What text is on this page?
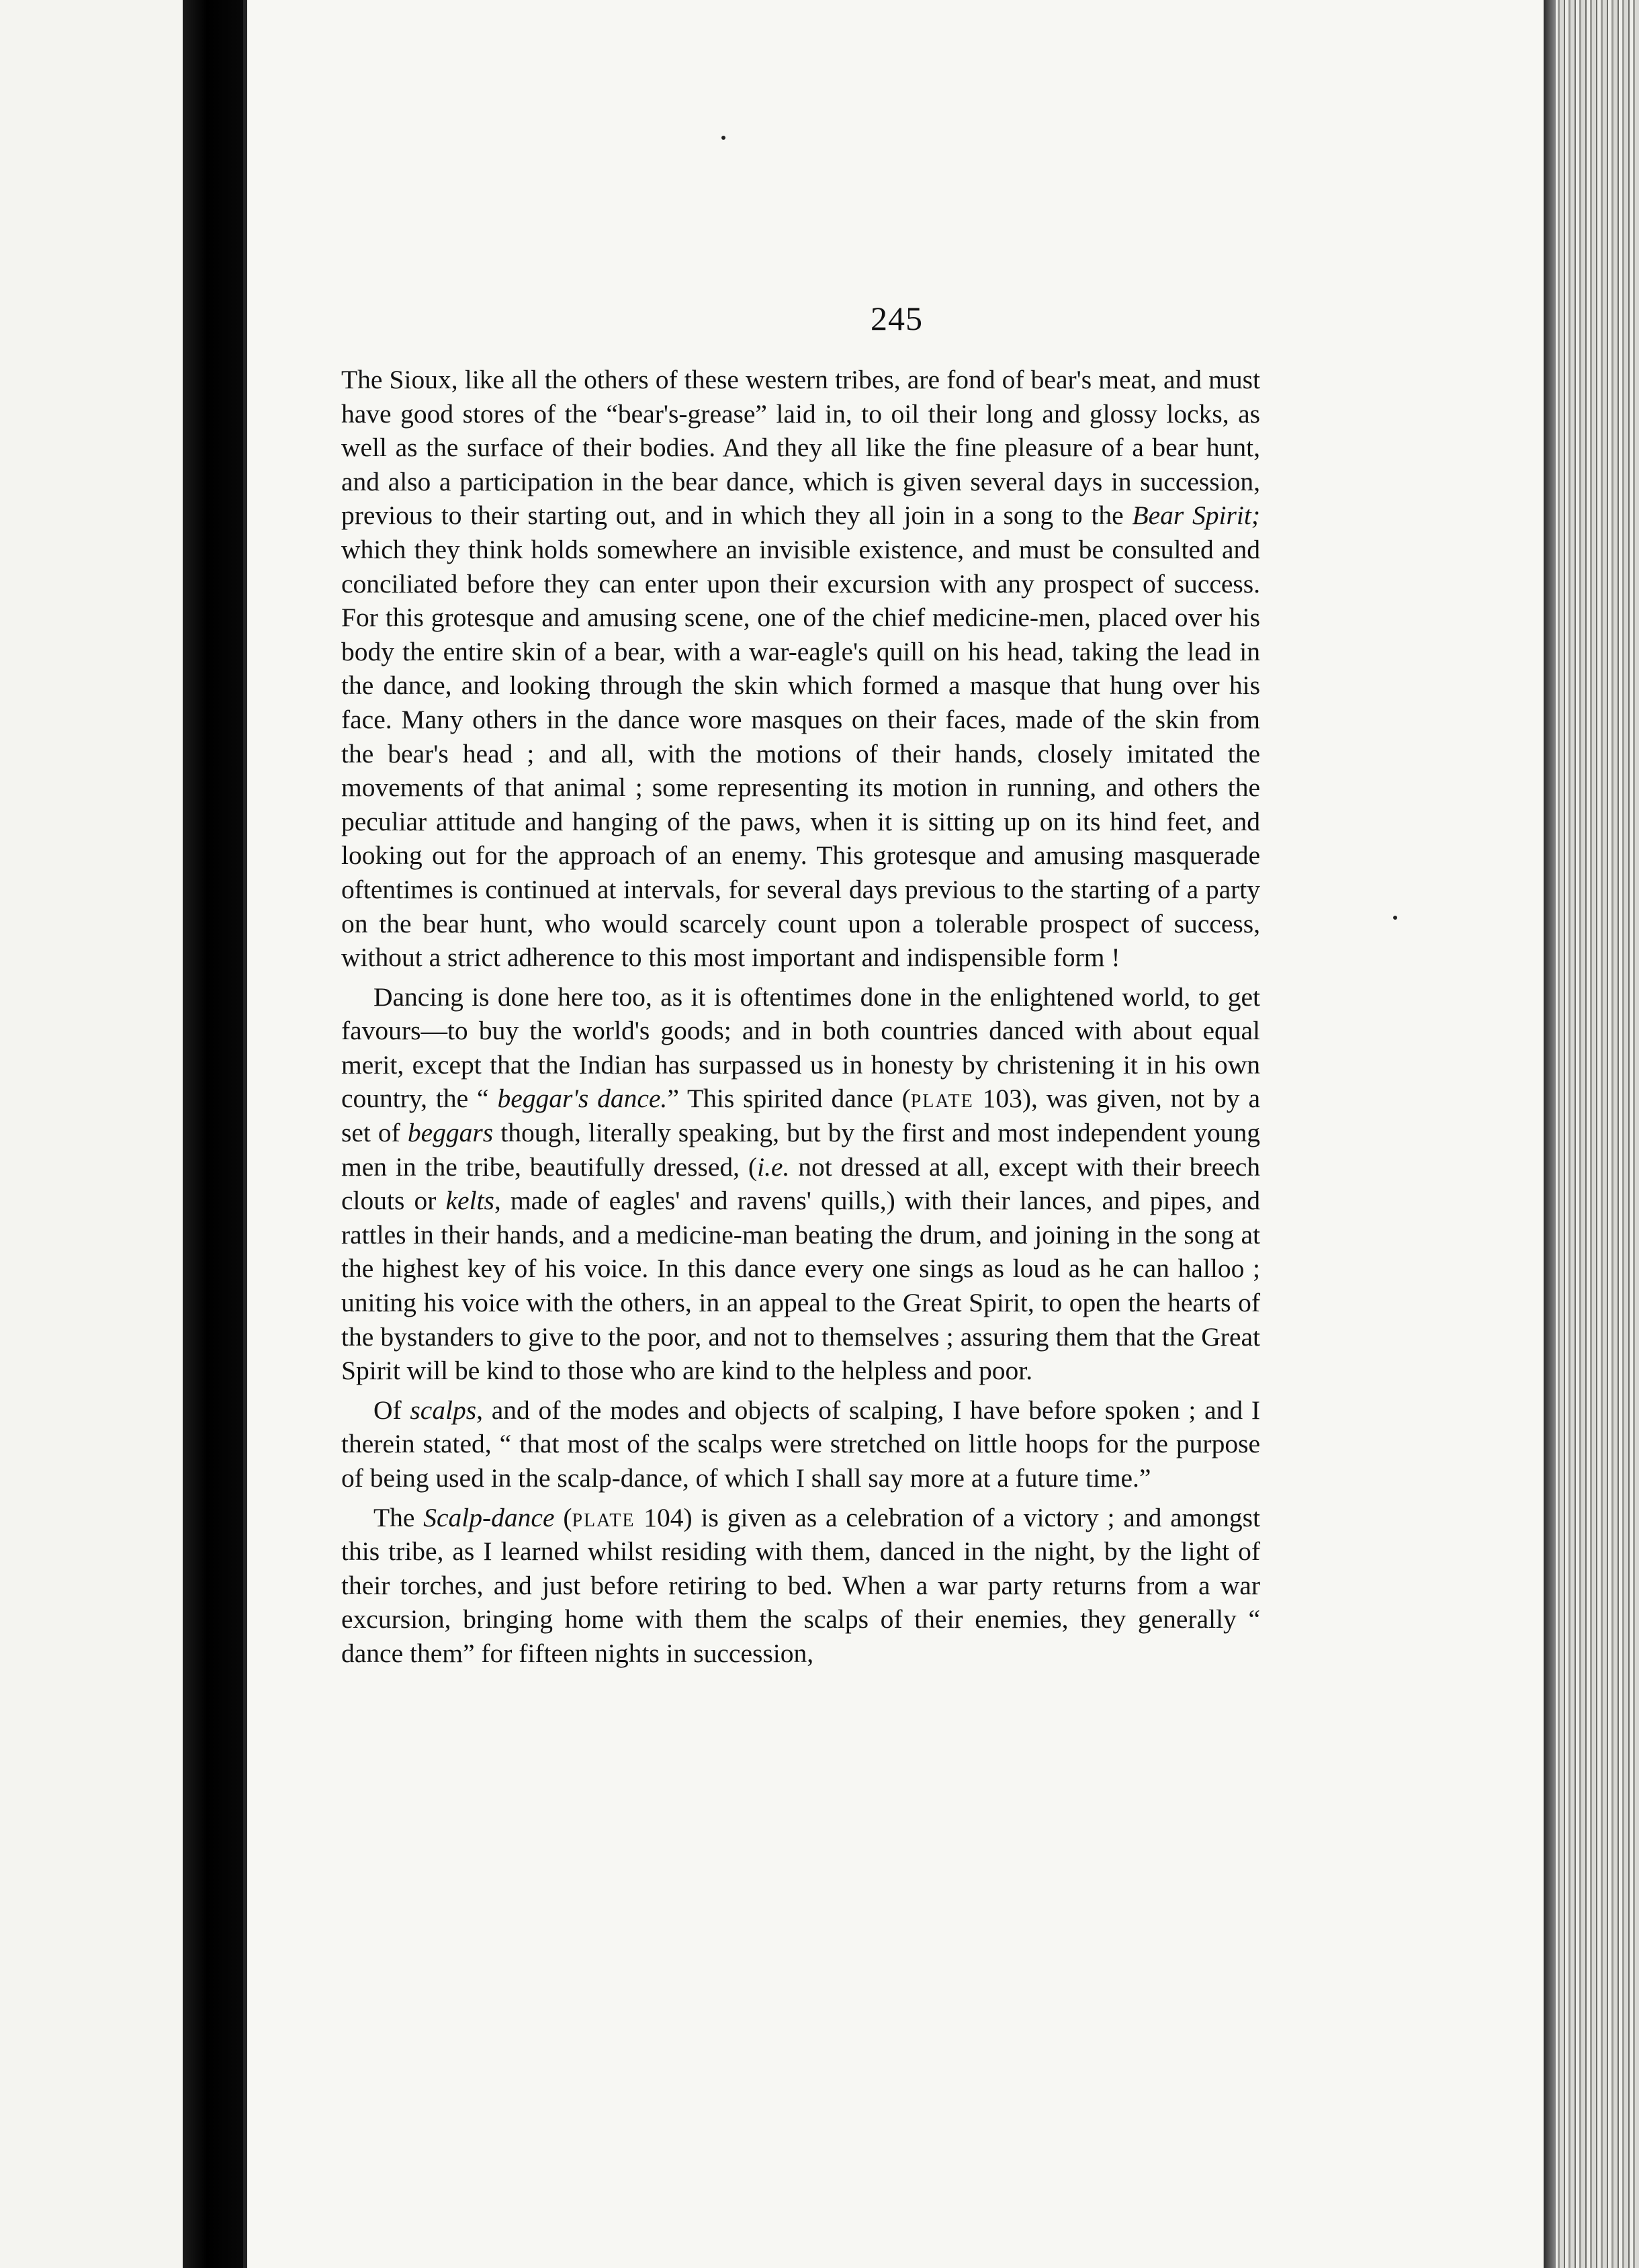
245

The Sioux, like all the others of these western tribes, are fond of bear's meat, and must have good stores of the “bear's-grease” laid in, to oil their long and glossy locks, as well as the surface of their bodies. And they all like the fine pleasure of a bear hunt, and also a participation in the bear dance, which is given several days in succession, previous to their starting out, and in which they all join in a song to the Bear Spirit; which they think holds somewhere an invisible existence, and must be consulted and conciliated before they can enter upon their excursion with any prospect of success. For this grotesque and amusing scene, one of the chief medicine-men, placed over his body the entire skin of a bear, with a war-eagle's quill on his head, taking the lead in the dance, and looking through the skin which formed a masque that hung over his face. Many others in the dance wore masques on their faces, made of the skin from the bear's head ; and all, with the motions of their hands, closely imitated the movements of that animal ; some representing its motion in running, and others the peculiar attitude and hanging of the paws, when it is sitting up on its hind feet, and looking out for the approach of an enemy. This grotesque and amusing masquerade oftentimes is continued at intervals, for several days previous to the starting of a party on the bear hunt, who would scarcely count upon a tolerable prospect of success, without a strict adherence to this most important and indispensible form !

Dancing is done here too, as it is oftentimes done in the enlightened world, to get favours—to buy the world's goods; and in both countries danced with about equal merit, except that the Indian has surpassed us in honesty by christening it in his own country, the “ beggar's dance.” This spirited dance (plate 103), was given, not by a set of beggars though, literally speaking, but by the first and most independent young men in the tribe, beautifully dressed, (i.e. not dressed at all, except with their breech clouts or kelts, made of eagles' and ravens' quills,) with their lances, and pipes, and rattles in their hands, and a medicine-man beating the drum, and joining in the song at the highest key of his voice. In this dance every one sings as loud as he can halloo ; uniting his voice with the others, in an appeal to the Great Spirit, to open the hearts of the bystanders to give to the poor, and not to themselves ; assuring them that the Great Spirit will be kind to those who are kind to the helpless and poor.

Of scalps, and of the modes and objects of scalping, I have before spoken ; and I therein stated, “ that most of the scalps were stretched on little hoops for the purpose of being used in the scalp-dance, of which I shall say more at a future time.”

The Scalp-dance (plate 104) is given as a celebration of a victory ; and amongst this tribe, as I learned whilst residing with them, danced in the night, by the light of their torches, and just before retiring to bed. When a war party returns from a war excursion, bringing home with them the scalps of their enemies, they generally “ dance them” for fifteen nights in succession,
